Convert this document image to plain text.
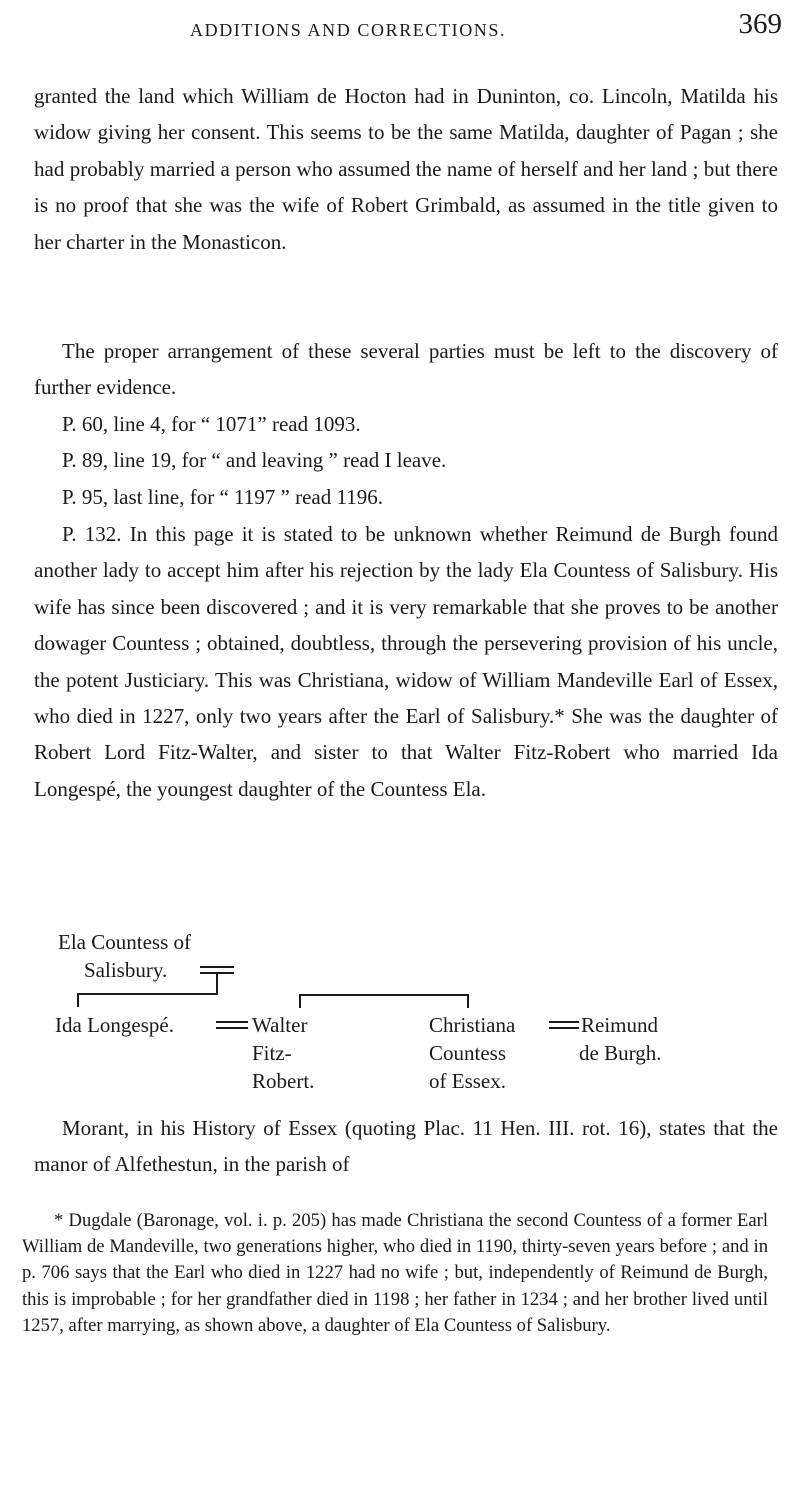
ADDITIONS AND CORRECTIONS.	369

granted the land which William de Hocton had in Duninton, co. Lincoln, Matilda his widow giving her consent. This seems to be the same Matilda, daughter of Pagan ; she had probably married a person who assumed the name of herself and her land ; but there is no proof that she was the wife of Robert Grimbald, as assumed in the title given to her charter in the Monasticon.

The proper arrangement of these several parties must be left to the discovery of further evidence.

P. 60, line 4, for “ 1071” read 1093.

P. 89, line 19, for “ and leaving ” read I leave.

P. 95, last line, for “ 1197 ” read 1196.

P. 132. In this page it is stated to be unknown whether Reimund de Burgh found another lady to accept him after his rejection by the lady Ela Countess of Salisbury. His wife has since been discovered ; and it is very remarkable that she proves to be another dowager Countess ; obtained, doubtless, through the persevering provision of his uncle, the potent Justiciary. This was Christiana, widow of William Mandeville Earl of Essex, who died in 1227, only two years after the Earl of Salisbury.* She was the daughter of Robert Lord Fitz-Walter, and sister to that Walter Fitz-Robert who married Ida Longespé, the youngest daughter of the Countess Ela.

Ela Countess of
Salisbury.
Ida Longespé.	Walter
Fitz-
Robert.
Christiana
Countess
of Essex.
Reimund
de Burgh.

Morant, in his History of Essex (quoting Plac. 11 Hen. III. rot. 16), states that the manor of Alfethestun, in the parish of

* Dugdale (Baronage, vol. i. p. 205) has made Christiana the second Countess of a former Earl William de Mandeville, two generations higher, who died in 1190, thirty-seven years before ; and in p. 706 says that the Earl who died in 1227 had no wife ; but, independently of Reimund de Burgh, this is improbable ; for her grandfather died in 1198 ; her father in 1234 ; and her brother lived until 1257, after marrying, as shown above, a daughter of Ela Countess of Salisbury.
